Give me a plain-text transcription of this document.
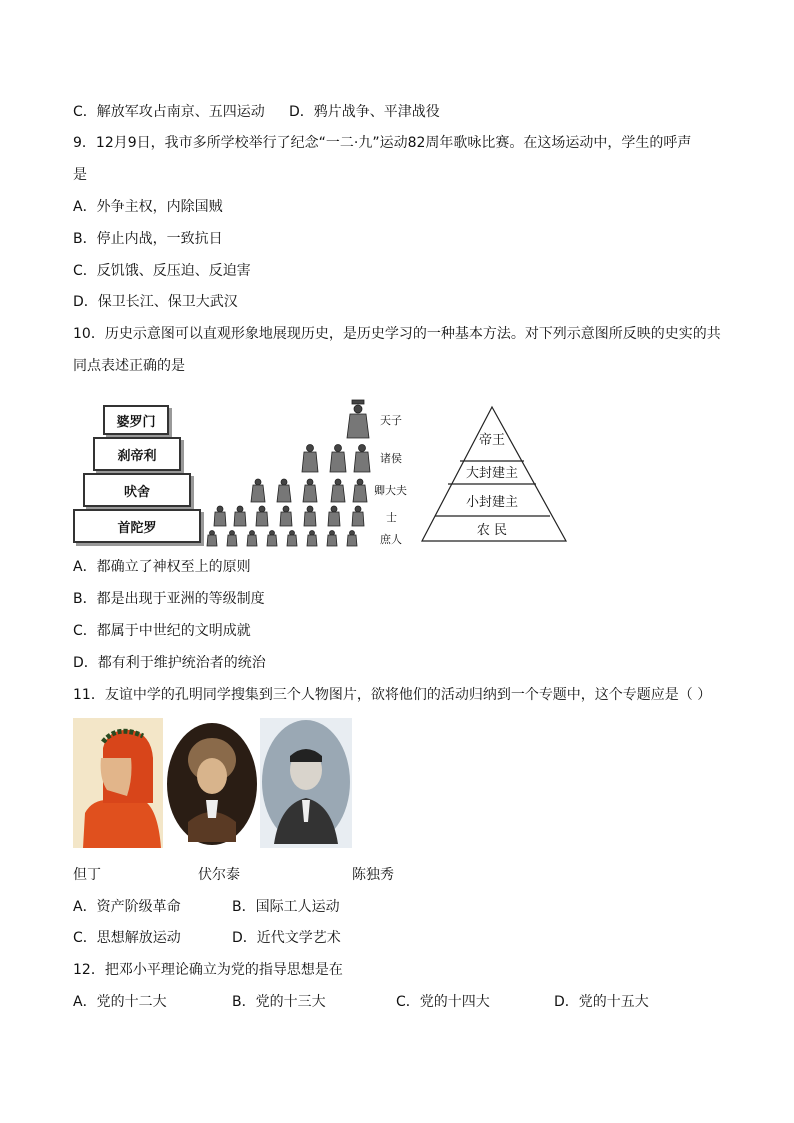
C．解放军攻占南京、五四运动 D．鸦片战争、平津战役
9．12月9日，我市多所学校举行了纪念“一二·九”运动82周年歌咏比赛。在这场运动中，学生的呼声
是
A．外争主权，内除国贼
B．停止内战，一致抗日
C．反饥饿、反压迫、反迫害
D．保卫长江、保卫大武汉
10．历史示意图可以直观形象地展现历史，是历史学习的一种基本方法。对下列示意图所反映的史实的共
同点表述正确的是
婆罗门
刹帝利
吠舍
首陀罗
天子
诸侯
卿大夫
士
庶人
帝王
大封建主
小封建主
农 民
A．都确立了神权至上的原则
B．都是出现于亚洲的等级制度
C．都属于中世纪的文明成就
D．都有利于维护统治者的统治
11．友谊中学的孔明同学搜集到三个人物图片，欲将他们的活动归纳到一个专题中，这个专题应是（ ）
但丁	伏尔泰	陈独秀
A．资产阶级革命	B．国际工人运动
C．思想解放运动	D．近代文学艺术
12．把邓小平理论确立为党的指导思想是在
A．党的十二大	B．党的十三大	C．党的十四大	D．党的十五大
